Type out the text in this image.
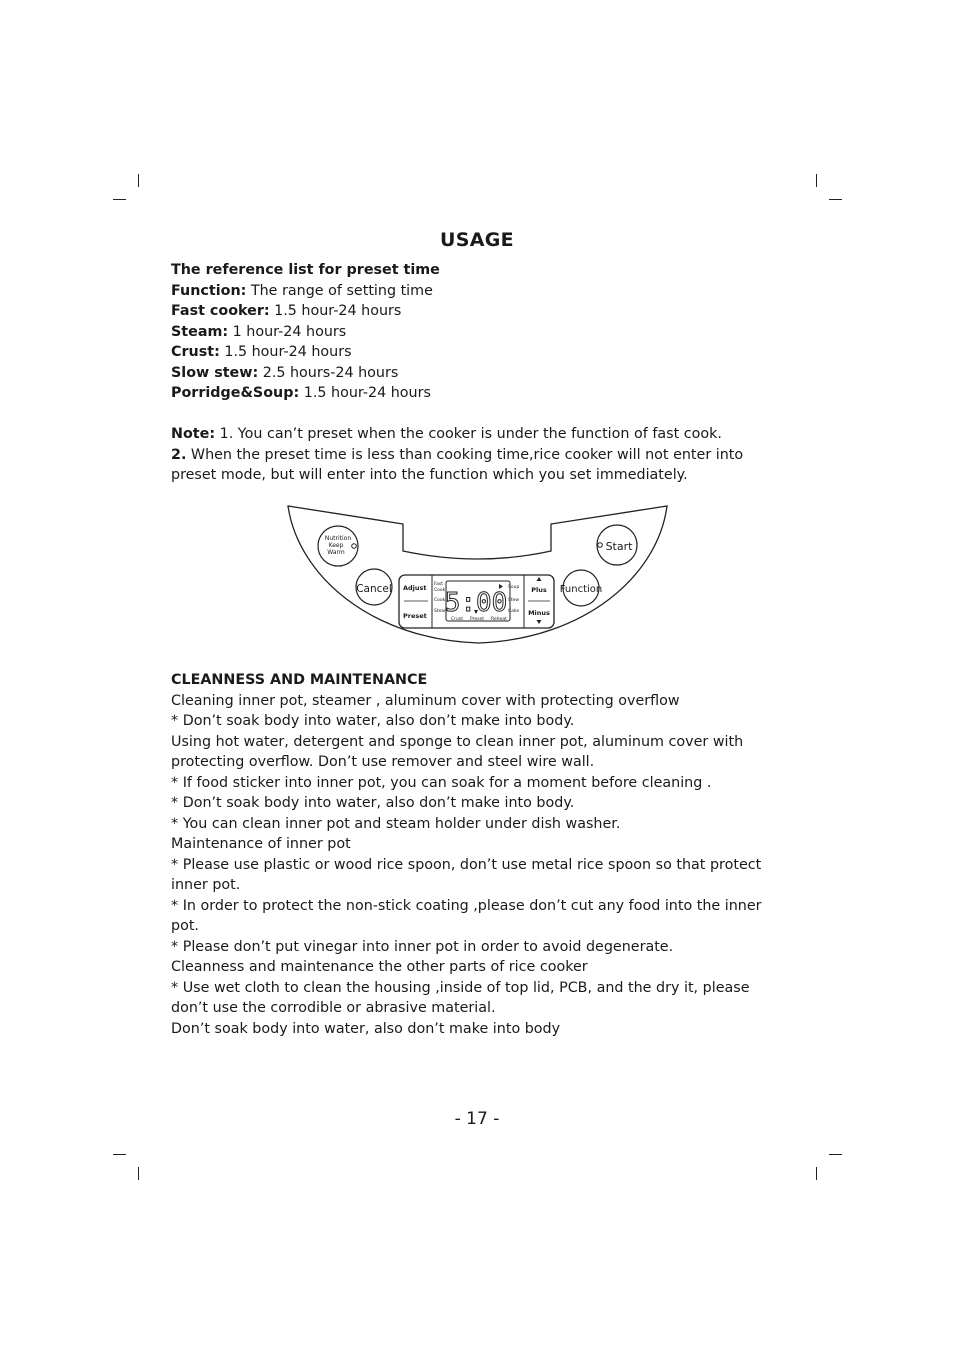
USAGE

The reference list for preset time

Function: The range of setting time

Fast cooker: 1.5 hour-24 hours

Steam: 1 hour-24 hours

Crust: 1.5 hour-24 hours

Slow stew: 2.5 hours-24 hours

Porridge&Soup: 1.5 hour-24 hours

Note: 1. You can’t preset when the cooker is under the function of fast cook.

2. When the preset time is less than cooking time,rice cooker will not enter into preset mode, but will enter into the function which you set immediately.

Nutrition
Keep
Warm	Start
Cancel	Function
Adjust
Preset
Fast
Cook
Cook
Steam
Soup
Stew
Cake
Crust Preset Reheat
5:00	Plus
Minus

CLEANNESS AND MAINTENANCE

Cleaning inner pot, steamer , aluminum cover with protecting overflow

* Don’t soak body into water, also don’t make into body.

Using hot water, detergent and sponge to clean inner pot, aluminum cover with protecting overflow. Don’t use remover and steel wire wall.

* If food sticker into inner pot, you can soak for a moment before cleaning .

* Don’t soak body into water, also don’t make into body.

* You can clean inner pot and steam holder under dish washer.

Maintenance of inner pot

* Please use plastic or wood rice spoon, don’t use metal rice spoon so that protect inner pot.

* In order to protect the non-stick coating ,please don’t cut any food into the inner pot.

* Please don’t put vinegar into inner pot in order to avoid degenerate.

Cleanness and maintenance the other parts of rice cooker

* Use wet cloth to clean the housing ,inside of top lid, PCB, and the dry it, please don’t use the corrodible or abrasive material.

Don’t soak body into water, also don’t make into body

- 17 -
